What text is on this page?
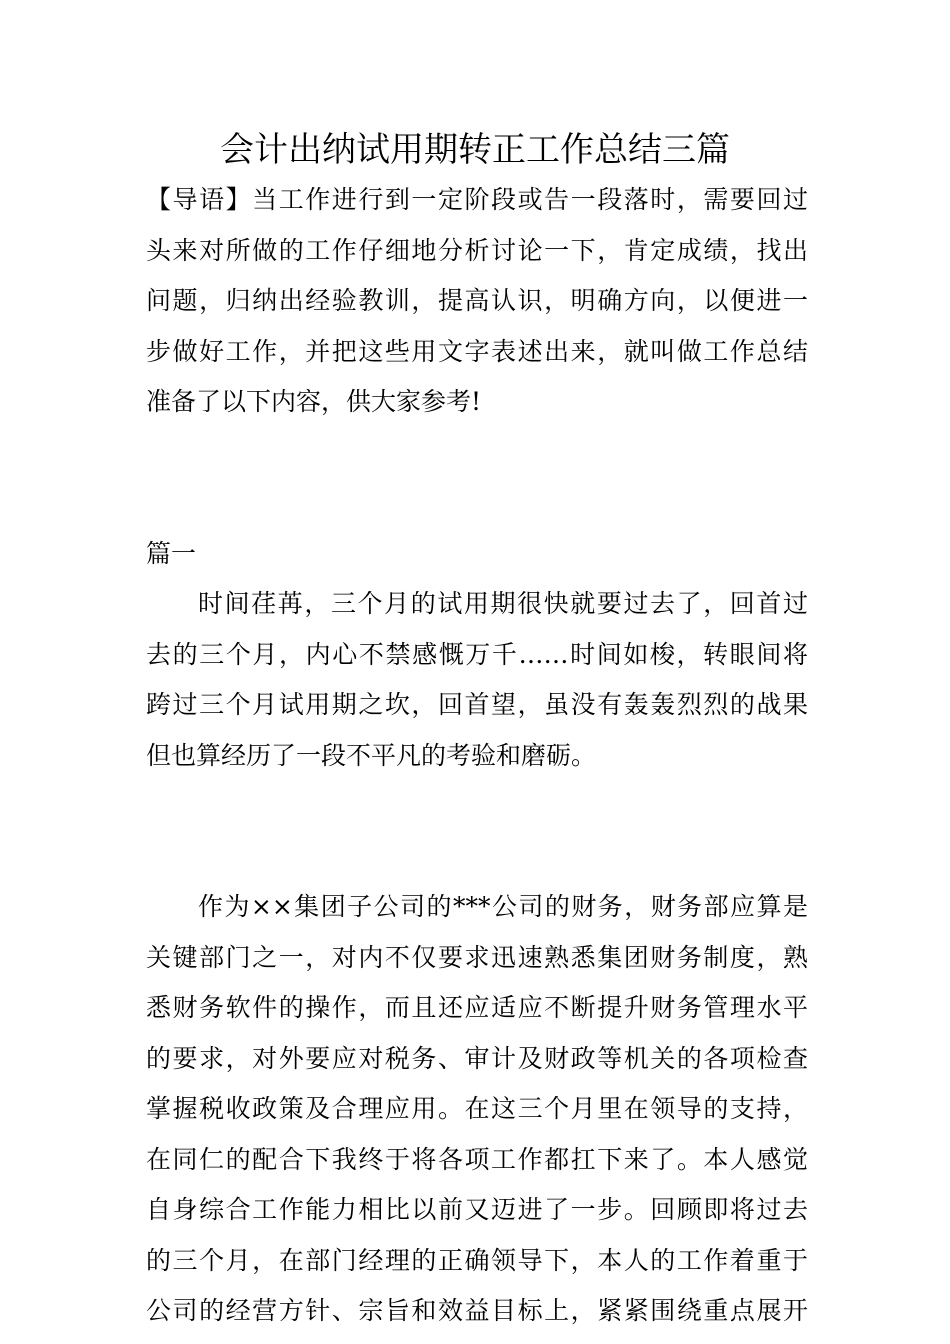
会计出纳试用期转正工作总结三篇
【导语】当工作进行到一定阶段或告一段落时，需要回过
头来对所做的工作仔细地分析讨论一下，肯定成绩，找出
问题，归纳出经验教训，提高认识，明确方向，以便进一
步做好工作，并把这些用文字表述出来，就叫做工作总结
准备了以下内容，供大家参考!
篇一
时间荏苒，三个月的试用期很快就要过去了，回首过
去的三个月，内心不禁感慨万千……时间如梭，转眼间将
跨过三个月试用期之坎，回首望，虽没有轰轰烈烈的战果
但也算经历了一段不平凡的考验和磨砺。
作为××集团子公司的***公司的财务，财务部应算是
关键部门之一，对内不仅要求迅速熟悉集团财务制度，熟
悉财务软件的操作，而且还应适应不断提升财务管理水平
的要求，对外要应对税务、审计及财政等机关的各项检查
掌握税收政策及合理应用。在这三个月里在领导的支持，
在同仁的配合下我终于将各项工作都扛下来了。本人感觉
自身综合工作能力相比以前又迈进了一步。回顾即将过去
的三个月，在部门经理的正确领导下，本人的工作着重于
公司的经营方针、宗旨和效益目标上，紧紧围绕重点展开
